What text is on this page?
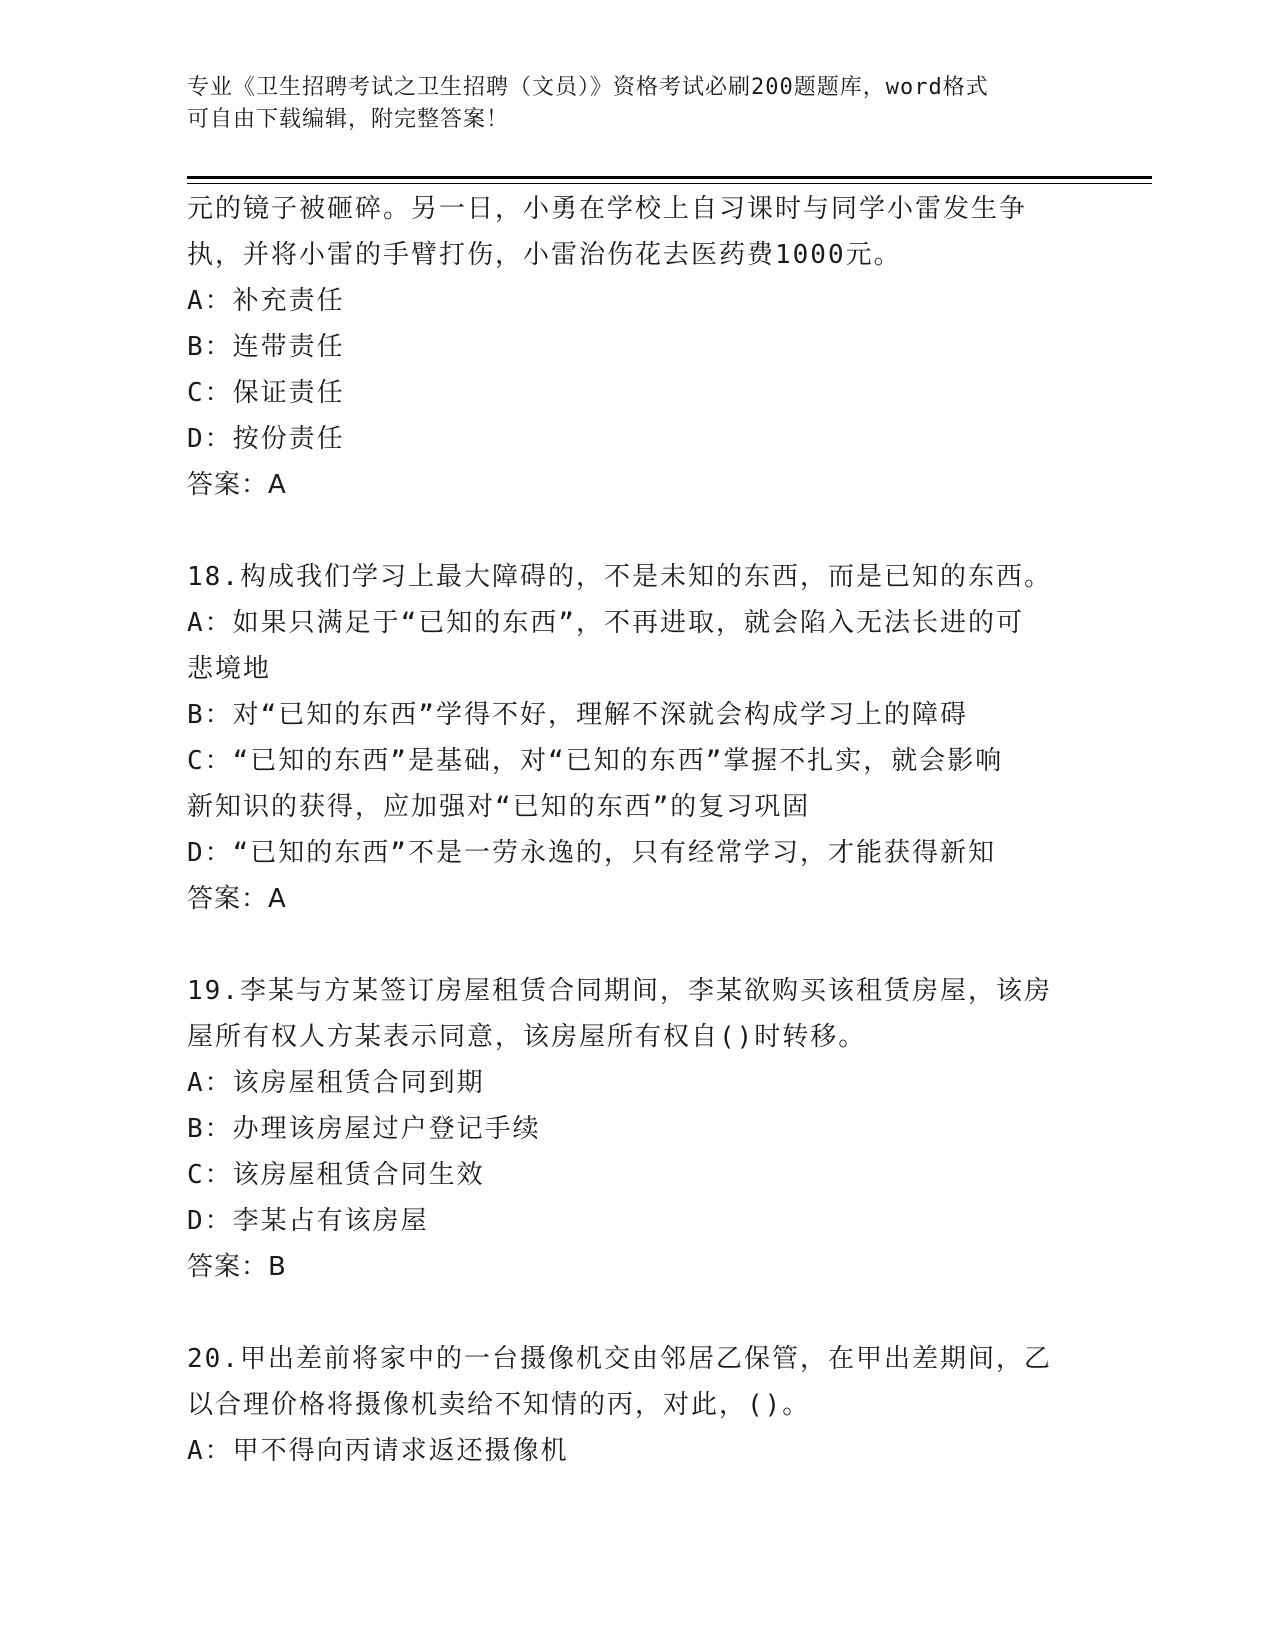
专业《卫生招聘考试之卫生招聘（文员）》资格考试必刷200题题库，word格式
可自由下载编辑，附完整答案！
元的镜子被砸碎。另一日，小勇在学校上自习课时与同学小雷发生争
执，并将小雷的手臂打伤，小雷治伤花去医药费1000元。
A：补充责任
B：连带责任
C：保证责任
D：按份责任
答案：A
18.构成我们学习上最大障碍的，不是未知的东西，而是已知的东西。
A：如果只满足于“已知的东西”，不再进取，就会陷入无法长进的可
悲境地
B：对“已知的东西”学得不好，理解不深就会构成学习上的障碍
C：“已知的东西”是基础，对“已知的东西”掌握不扎实，就会影响
新知识的获得，应加强对“已知的东西”的复习巩固
D：“已知的东西”不是一劳永逸的，只有经常学习，才能获得新知
答案：A
19.李某与方某签订房屋租赁合同期间，李某欲购买该租赁房屋，该房
屋所有权人方某表示同意，该房屋所有权自()时转移。
A：该房屋租赁合同到期
B：办理该房屋过户登记手续
C：该房屋租赁合同生效
D：李某占有该房屋
答案：B
20.甲出差前将家中的一台摄像机交由邻居乙保管，在甲出差期间，乙
以合理价格将摄像机卖给不知情的丙，对此，()。
A：甲不得向丙请求返还摄像机
